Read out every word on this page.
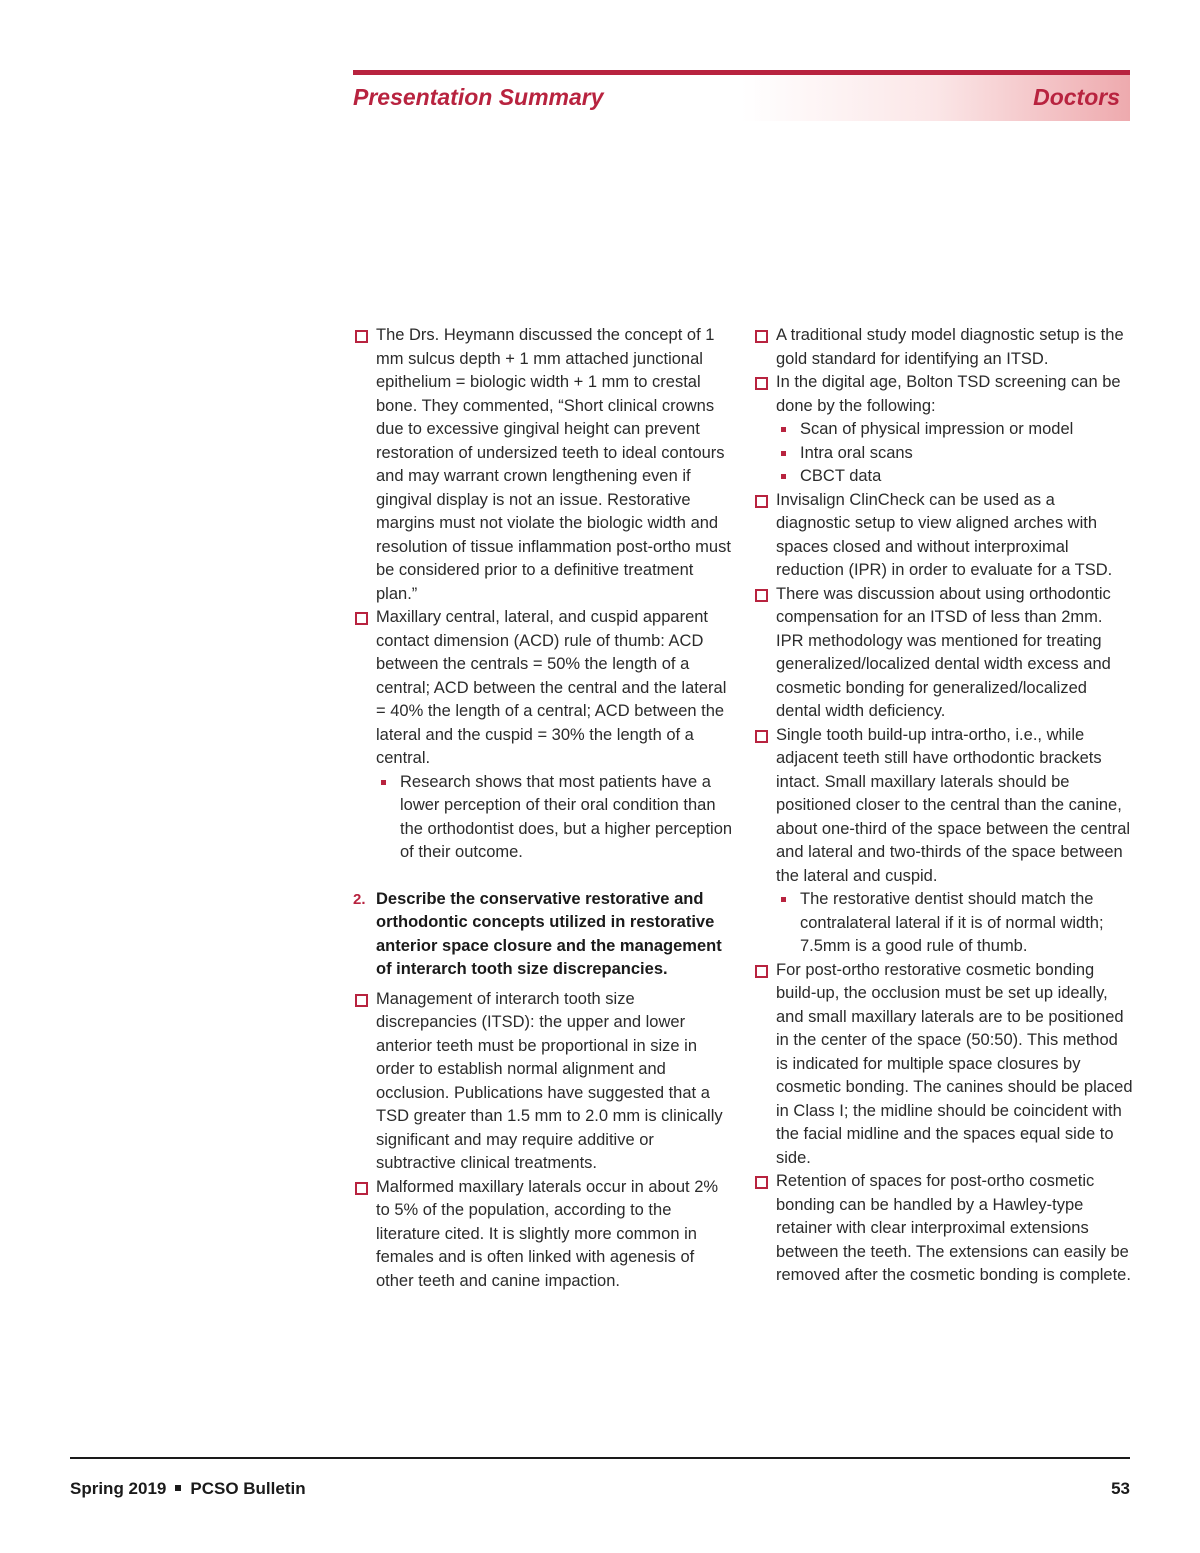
Presentation Summary	Doctors

The Drs. Heymann discussed the concept of 1 mm sulcus depth + 1 mm attached junctional epithelium = biologic width + 1 mm to crestal bone. They commented, “Short clinical crowns due to excessive gingival height can prevent restoration of undersized teeth to ideal contours and may warrant crown lengthening even if gingival display is not an issue. Restorative margins must not violate the biologic width and resolution of tissue inflammation post-ortho must be considered prior to a definitive treatment plan.”

Maxillary central, lateral, and cuspid apparent contact dimension (ACD) rule of thumb: ACD between the centrals = 50% the length of a central; ACD between the central and the lateral = 40% the length of a central; ACD between the lateral and the cuspid = 30% the length of a central.

Research shows that most patients have a lower perception of their oral condition than the orthodontist does, but a higher perception of their outcome.

2. Describe the conservative restorative and orthodontic concepts utilized in restorative anterior space closure and the management of interarch tooth size discrepancies.

Management of interarch tooth size discrepancies (ITSD): the upper and lower anterior teeth must be proportional in size in order to establish normal alignment and occlusion. Publications have suggested that a TSD greater than 1.5 mm to 2.0 mm is clinically significant and may require additive or subtractive clinical treatments.

Malformed maxillary laterals occur in about 2% to 5% of the population, according to the literature cited. It is slightly more common in females and is often linked with agenesis of other teeth and canine impaction.

A traditional study model diagnostic setup is the gold standard for identifying an ITSD.

In the digital age, Bolton TSD screening can be done by the following:

Scan of physical impression or model

Intra oral scans

CBCT data

Invisalign ClinCheck can be used as a diagnostic setup to view aligned arches with spaces closed and without interproximal reduction (IPR) in order to evaluate for a TSD.

There was discussion about using orthodontic compensation for an ITSD of less than 2mm. IPR methodology was mentioned for treating generalized/localized dental width excess and cosmetic bonding for generalized/localized dental width deficiency.

Single tooth build-up intra-ortho, i.e., while adjacent teeth still have orthodontic brackets intact. Small maxillary laterals should be positioned closer to the central than the canine, about one-third of the space between the central and lateral and two-thirds of the space between the lateral and cuspid.

The restorative dentist should match the contralateral lateral if it is of normal width; 7.5mm is a good rule of thumb.

For post-ortho restorative cosmetic bonding build-up, the occlusion must be set up ideally, and small maxillary laterals are to be positioned in the center of the space (50:50). This method is indicated for multiple space closures by cosmetic bonding. The canines should be placed in Class I; the midline should be coincident with the facial midline and the spaces equal side to side.

Retention of spaces for post-ortho cosmetic bonding can be handled by a Hawley-type retainer with clear interproximal extensions between the teeth. The extensions can easily be removed after the cosmetic bonding is complete.

Spring 2019 PCSO Bulletin	53
